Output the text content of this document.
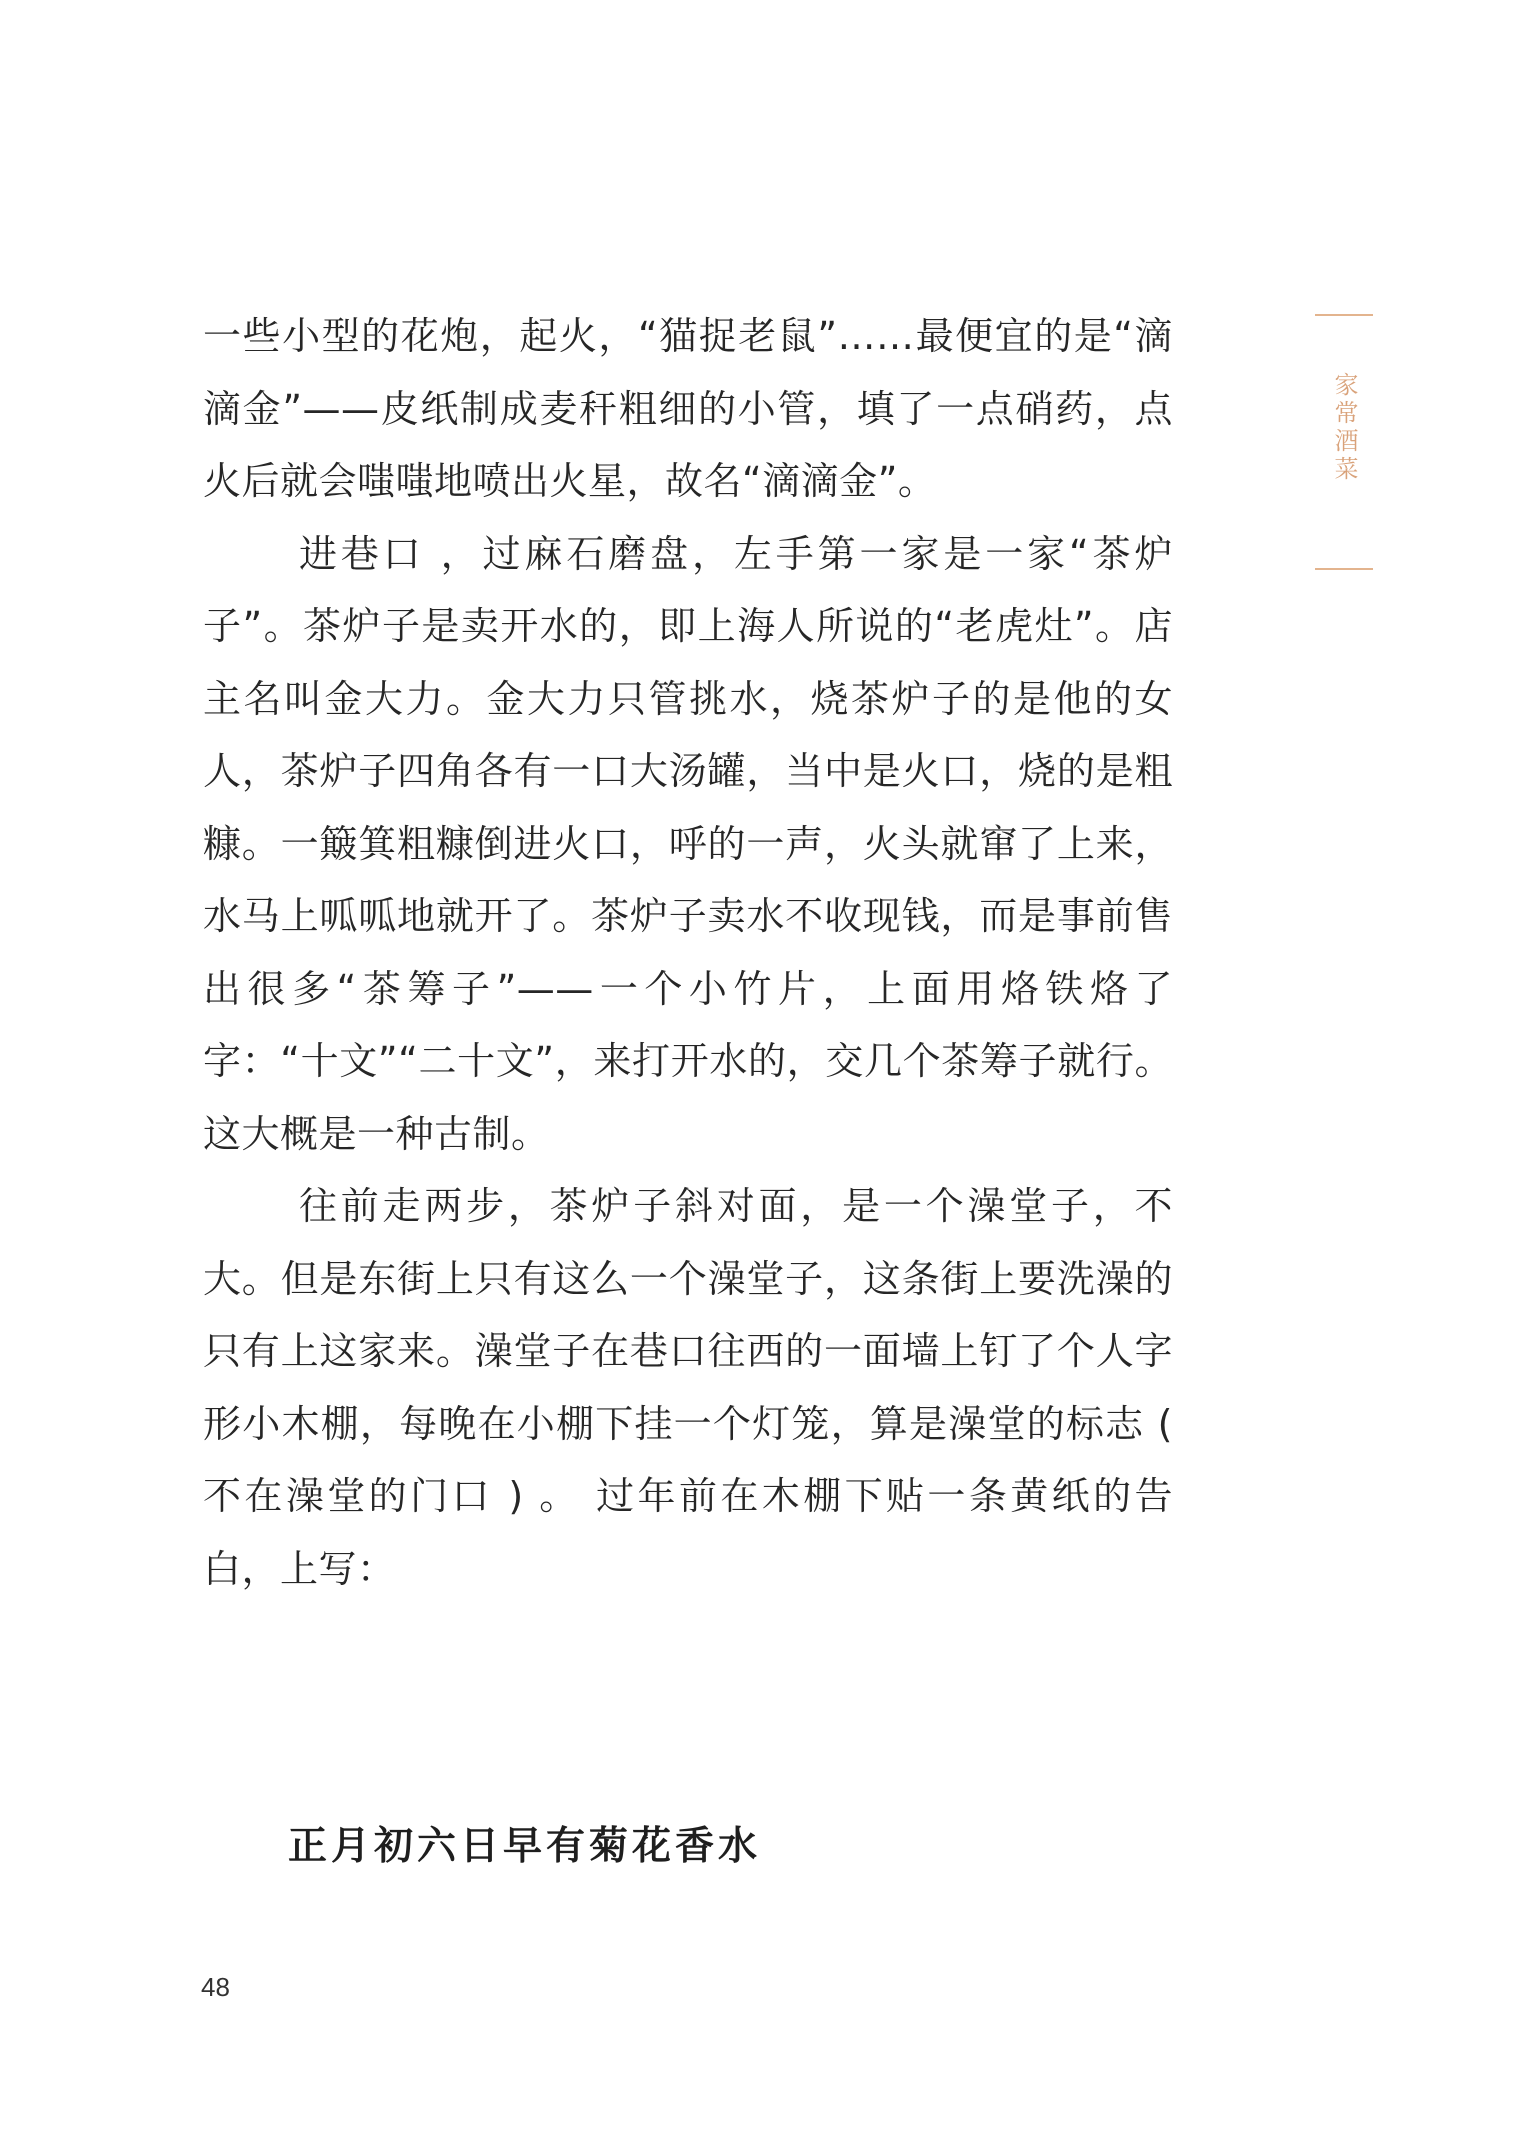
家常酒菜

一些小型的花炮，起火，“猫捉老鼠”……最便宜的是“滴滴金”——皮纸制成麦秆粗细的小管，填了一点硝药，点火后就会嗤嗤地喷出火星，故名“滴滴金”。

进巷口 ，过麻石磨盘，左手第一家是一家“茶炉子”。茶炉子是卖开水的，即上海人所说的“老虎灶”。店主名叫金大力。金大力只管挑水，烧茶炉子的是他的女人，茶炉子四角各有一口大汤罐，当中是火口，烧的是粗糠。一簸箕粗糠倒进火口，呼的一声，火头就窜了上来，水马上呱呱地就开了。茶炉子卖水不收现钱，而是事前售出很多“茶筹子”——一个小竹片，上面用烙铁烙了字：“十文”“二十文”，来打开水的，交几个茶筹子就行。这大概是一种古制。

往前走两步，茶炉子斜对面，是一个澡堂子，不大。但是东街上只有这么一个澡堂子，这条街上要洗澡的只有上这家来。澡堂子在巷口往西的一面墙上钉了个人字形小木棚，每晚在小棚下挂一个灯笼，算是澡堂的标志 ( 不在澡堂的门口 ) 。 过年前在木棚下贴一条黄纸的告白，上写：

正月初六日早有菊花香水
48
